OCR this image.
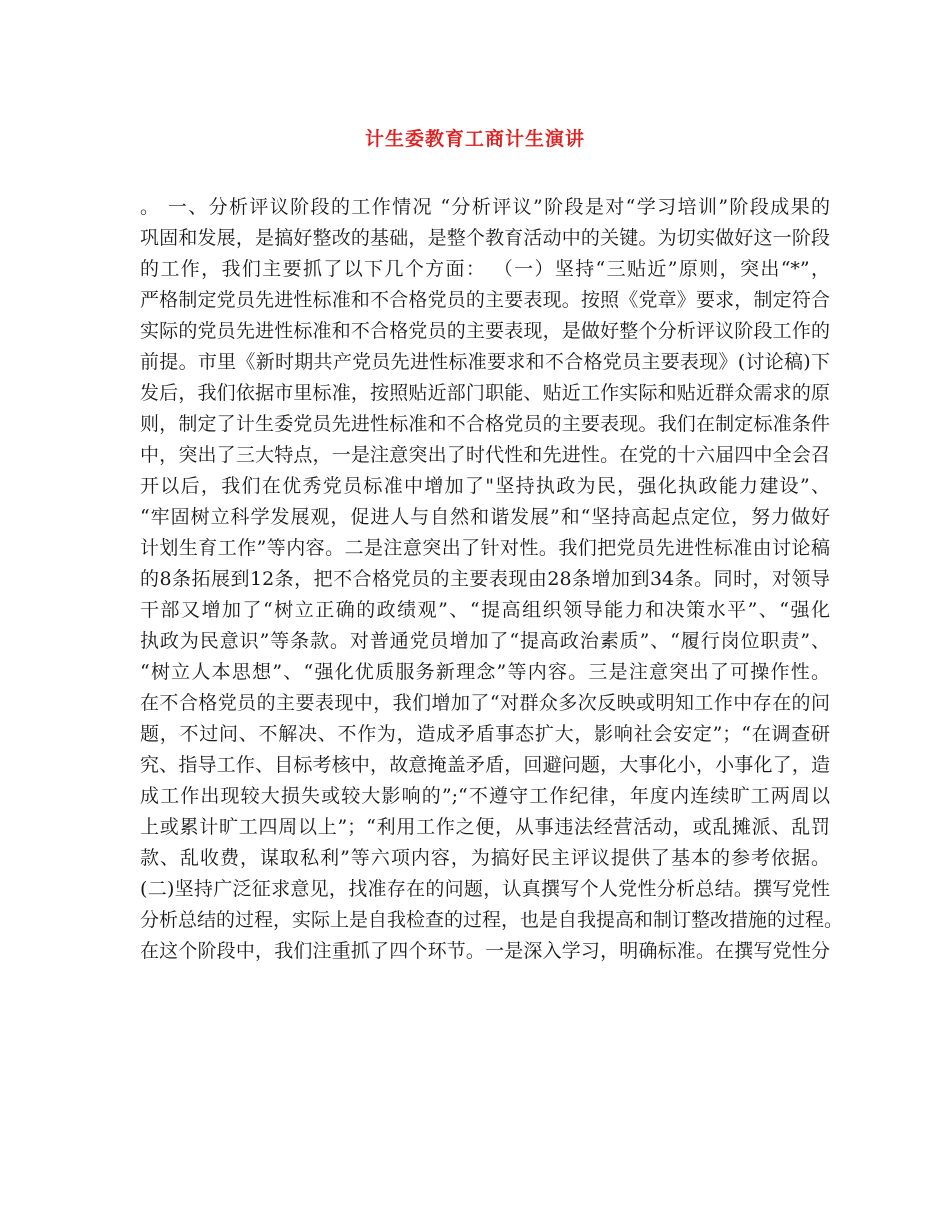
计生委教育工商计生演讲
。 一、分析评议阶段的工作情况 “分析评议”阶段是对“学习培训”阶段成果的
巩固和发展，是搞好整改的基础，是整个教育活动中的关键。为切实做好这一阶段
的工作，我们主要抓了以下几个方面： （一）坚持“三贴近”原则，突出“*”，
严格制定党员先进性标准和不合格党员的主要表现。按照《党章》要求，制定符合
实际的党员先进性标准和不合格党员的主要表现，是做好整个分析评议阶段工作的
前提。市里《新时期共产党员先进性标准要求和不合格党员主要表现》(讨论稿)下
发后，我们依据市里标准，按照贴近部门职能、贴近工作实际和贴近群众需求的原
则，制定了计生委党员先进性标准和不合格党员的主要表现。我们在制定标准条件
中，突出了三大特点，一是注意突出了时代性和先进性。在党的十六届四中全会召
开以后，我们在优秀党员标准中增加了"坚持执政为民，强化执政能力建设”、
“牢固树立科学发展观，促进人与自然和谐发展”和“坚持高起点定位，努力做好
计划生育工作”等内容。二是注意突出了针对性。我们把党员先进性标准由讨论稿
的8条拓展到12条，把不合格党员的主要表现由28条增加到34条。同时，对领导
干部又增加了“树立正确的政绩观”、“提高组织领导能力和决策水平”、“强化
执政为民意识”等条款。对普通党员增加了“提高政治素质”、“履行岗位职责”、
“树立人本思想”、“强化优质服务新理念”等内容。三是注意突出了可操作性。
在不合格党员的主要表现中，我们增加了“对群众多次反映或明知工作中存在的问
题，不过问、不解决、不作为，造成矛盾事态扩大，影响社会安定”；“在调查研
究、指导工作、目标考核中，故意掩盖矛盾，回避问题，大事化小，小事化了，造
成工作出现较大损失或较大影响的”;“不遵守工作纪律，年度内连续旷工两周以
上或累计旷工四周以上”；“利用工作之便，从事违法经营活动，或乱摊派、乱罚
款、乱收费，谋取私利”等六项内容，为搞好民主评议提供了基本的参考依据。
(二)坚持广泛征求意见，找准存在的问题，认真撰写个人党性分析总结。撰写党性
分析总结的过程，实际上是自我检查的过程，也是自我提高和制订整改措施的过程。
在这个阶段中，我们注重抓了四个环节。一是深入学习，明确标准。在撰写党性分
